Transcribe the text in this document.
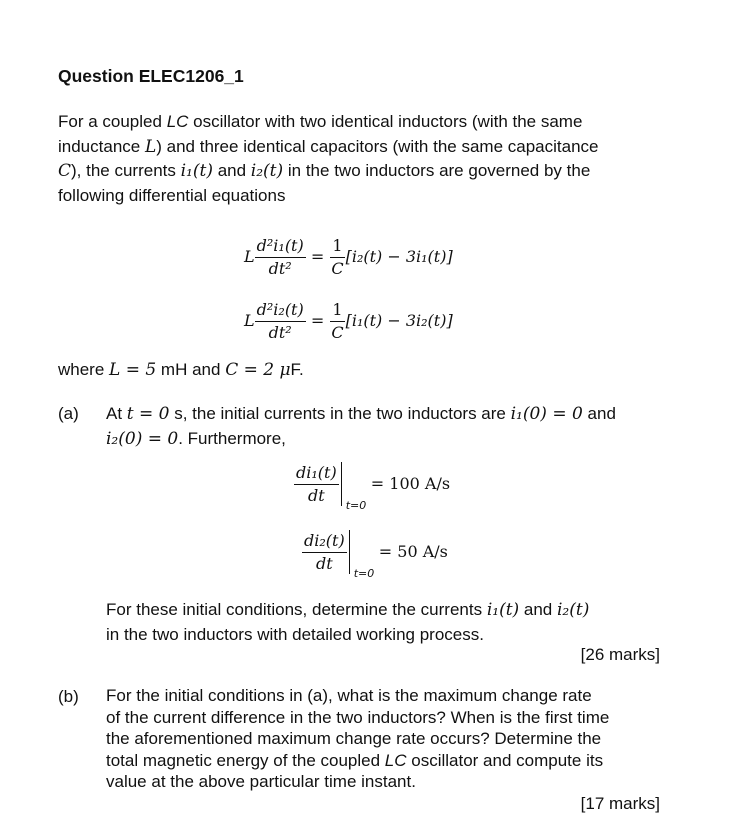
Question ELEC1206_1
For a coupled LC oscillator with two identical inductors (with the same
inductance L) and three identical capacitors (with the same capacitance
C), the currents i₁(t) and i₂(t) in the two inductors are governed by the
following differential equations
L $\frac{\text{d²i₁(t)}}{\text{dt²}} = \frac{1}{C} [i_2(t) - 3i_1(t)]$
L $\frac{\text{d²i₂(t)}}{\text{dt²}} = \frac{1}{C} [i_1(t) - 3i_2(t)]$
where L = 5 mH and C = 2 μF.
(a) At t = 0 s, the initial currents in the two inductors are i₁(0) = 0 and
i₂(0) = 0. Furthermore,
$\frac{\text{di₁(t)}}{dt} t=0$
= 100 A/s
$\frac{\text{di₂(t)}}{dt} t=0$
= 50 A/s
For these initial conditions, determine the currents i₁(t) and i₂(t)
in the two inductors with detailed working process.
[26 marks]
(b) For the initial conditions in (a), what is the maximum change rate
of the current difference in the two inductors? When is the first time
the aforementioned maximum change rate occurs? Determine the
total magnetic energy of the coupled LC oscillator and compute its
value at the above particular time instant.
[17 marks]
